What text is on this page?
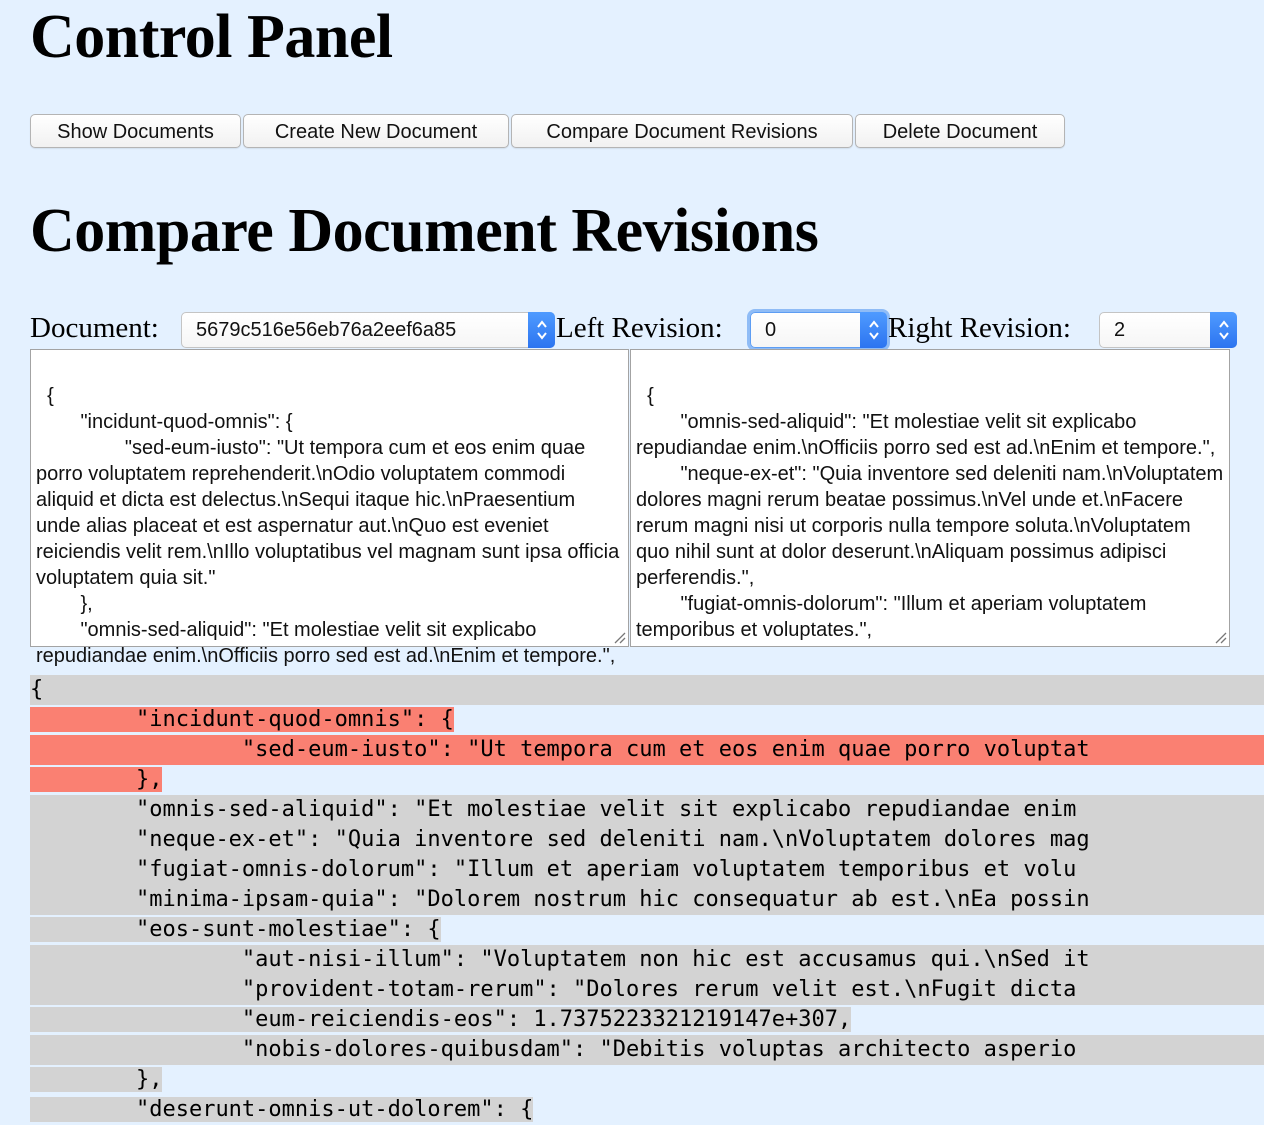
Control Panel
Show Documents	Create New Document	Compare Document Revisions	Delete Document
Compare Document Revisions
Document:	5679c516e56eb76a2eef6a85	Left Revision:	0	Right Revision:	2

{
	"incidunt-quod-omnis": {
		"sed-eum-iusto": "Ut tempora cum et eos enim quae porro voluptatem reprehenderit.\nOdio voluptatem commodi aliquid et dicta est delectus.\nSequi itaque hic.\nPraesentium unde alias placeat et est aspernatur aut.\nQuo est eveniet reiciendis velit rem.\nIllo voluptatibus vel magnam sunt ipsa officia voluptatem quia sit."
	},
	"omnis-sed-aliquid": "Et molestiae velit sit explicabo repudiandae enim.\nOfficiis porro sed est ad.\nEnim et tempore.",

{
	"omnis-sed-aliquid": "Et molestiae velit sit explicabo repudiandae enim.\nOfficiis porro sed est ad.\nEnim et tempore.",
	"neque-ex-et": "Quia inventore sed deleniti nam.\nVoluptatem dolores magni rerum beatae possimus.\nVel unde et.\nFacere rerum magni nisi ut corporis nulla tempore soluta.\nVoluptatem quo nihil sunt at dolor deserunt.\nAliquam possimus adipisci perferendis.",
	"fugiat-omnis-dolorum": "Illum et aperiam voluptatem temporibus et voluptates.",

{
	"incidunt-quod-omnis": {
		"sed-eum-iusto": "Ut tempora cum et eos enim quae porro voluptat
	},
	"omnis-sed-aliquid": "Et molestiae velit sit explicabo repudiandae enim
	"neque-ex-et": "Quia inventore sed deleniti nam.\nVoluptatem dolores mag
	"fugiat-omnis-dolorum": "Illum et aperiam voluptatem temporibus et volu
	"minima-ipsam-quia": "Dolorem nostrum hic consequatur ab est.\nEa possin
	"eos-sunt-molestiae": {
		"aut-nisi-illum": "Voluptatem non hic est accusamus qui.\nSed it
		"provident-totam-rerum": "Dolores rerum velit est.\nFugit dicta
		"eum-reiciendis-eos": 1.7375223321219147e+307,
		"nobis-dolores-quibusdam": "Debitis voluptas architecto asperio
	},
	"deserunt-omnis-ut-dolorem": {
